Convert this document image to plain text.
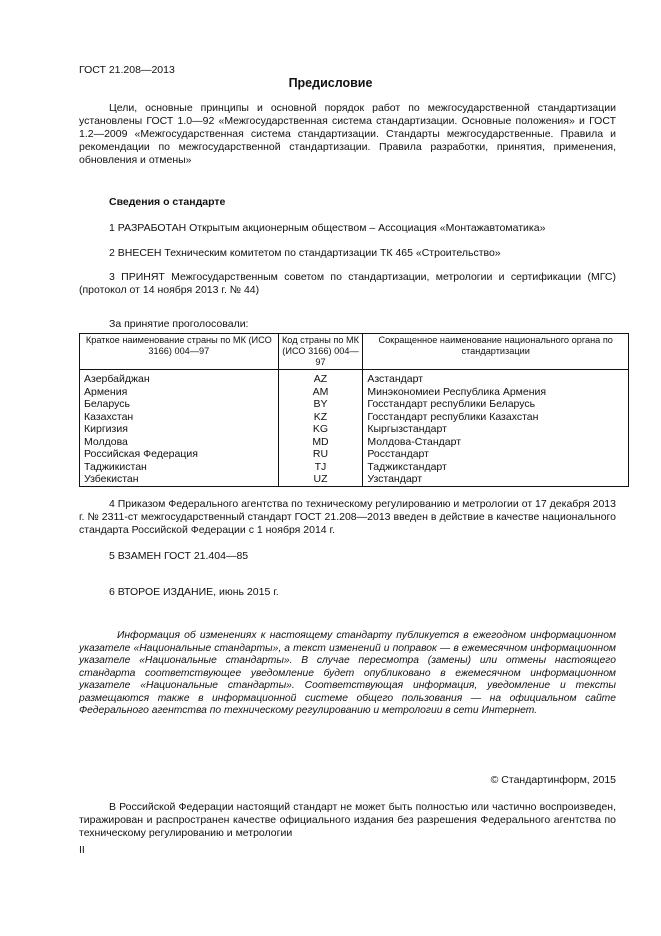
ГОСТ 21.208—2013
Предисловие

Цели, основные принципы и основной порядок работ по межгосударственной стандартизации установлены ГОСТ 1.0—92 «Межгосударственная система стандартизации. Основные положения» и ГОСТ 1.2—2009 «Межгосударственная система стандартизации. Стандарты межгосударственные. Правила и рекомендации по межгосударственной стандартизации. Правила разработки, принятия, применения, обновления и отмены»

Сведения о стандарте

1 РАЗРАБОТАН Открытым акционерным обществом – Ассоциация «Монтажавтоматика»

2 ВНЕСЕН Техническим комитетом по стандартизации ТК 465 «Строительство»

3 ПРИНЯТ Межгосударственным советом по стандартизации, метрологии и сертификации (МГС) (протокол от 14 ноября 2013 г. № 44)

За принятие проголосовали:
Краткое наименование страны по МК (ИСО 3166) 004—97	Код страны по МК (ИСО 3166) 004—97	Сокращенное наименование национального органа по стандартизации
Азербайджан	AZ	Азстандарт
Армения	AM	Минэкономиеи Республика Армения
Беларусь	BY	Госстандарт республики Беларусь
Казахстан	KZ	Госстандарт республики Казахстан
Киргизия	KG	Кыргызстандарт
Молдова	MD	Молдова-Стандарт
Российская Федерация	RU	Росстандарт
Таджикистан	TJ	Таджикстандарт
Узбекистан	UZ	Узстандарт

4 Приказом Федерального агентства по техническому регулированию и метрологии от 17 декабря 2013 г. № 2311-ст межгосударственный стандарт ГОСТ 21.208—2013 введен в действие в качестве национального стандарта Российской Федерации с 1 ноября 2014 г.

5 ВЗАМЕН ГОСТ 21.404—85

6 ВТОРОЕ ИЗДАНИЕ, июнь 2015 г.

Информация об изменениях к настоящему стандарту публикуется в ежегодном информационном указателе «Национальные стандарты», а текст изменений и поправок — в ежемесячном информационном указателе «Национальные стандарты». В случае пересмотра (замены) или отмены настоящего стандарта соответствующее уведомление будет опубликовано в ежемесячном информационном указателе «Национальные стандарты». Соответствующая информация, уведомление и тексты размещаются также в информационной системе общего пользования — на официальном сайте Федерального агентства по техническому регулированию и метрологии в сети Интернет.

© Стандартинформ, 2015

В Российской Федерации настоящий стандарт не может быть полностью или частично воспроизведен, тиражирован и распространен качестве официального издания без разрешения Федерального агентства по техническому регулированию и метрологии

II
